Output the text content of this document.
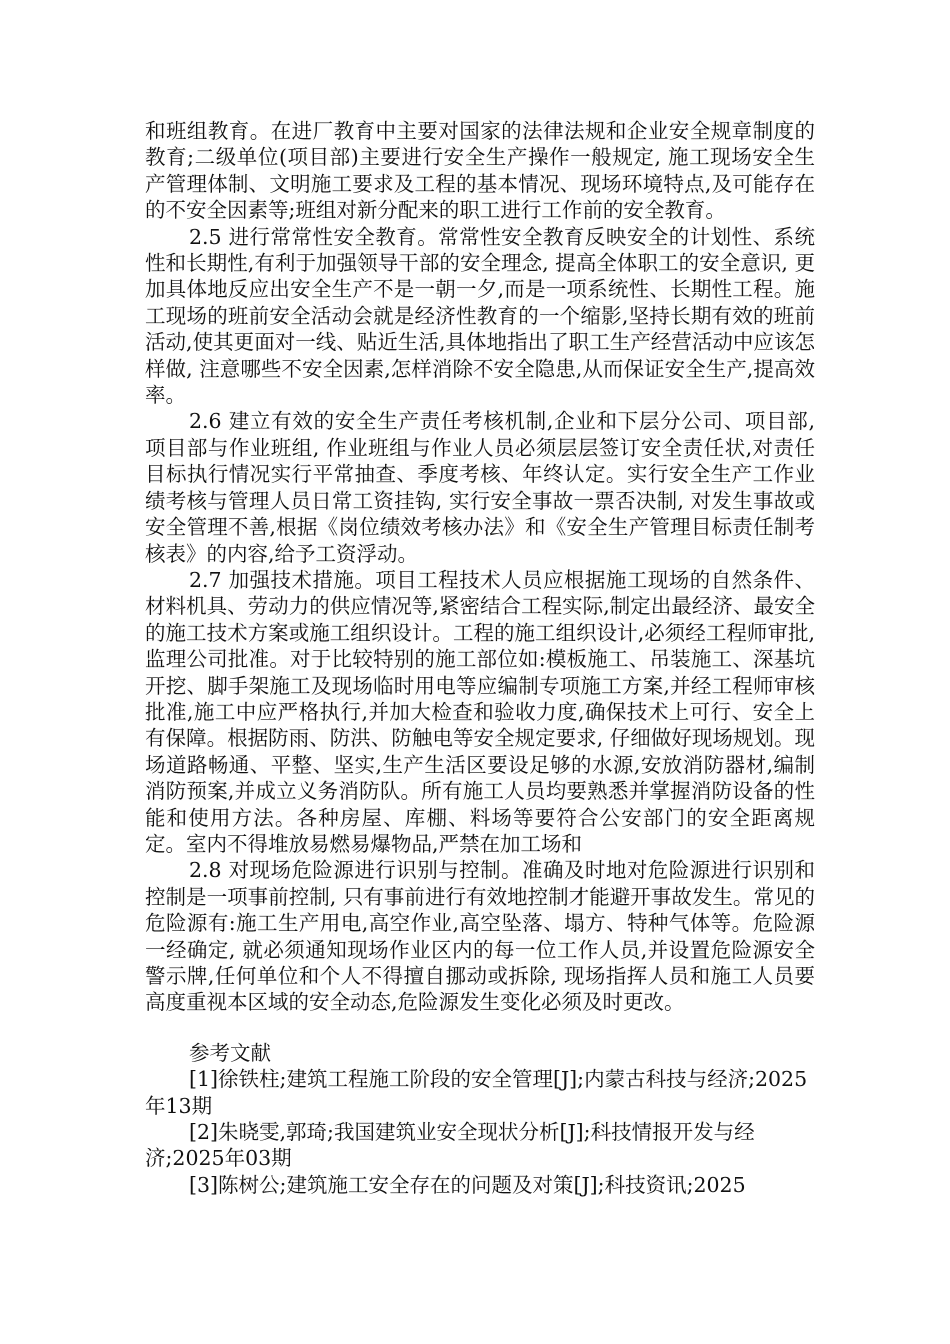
和班组教育。在进厂教育中主要对国家的法律法规和企业安全规章制度的教育;二级单位(项目部)主要进行安全生产操作一般规定, 施工现场安全生产管理体制、文明施工要求及工程的基本情况、现场环境特点,及可能存在的不安全因素等;班组对新分配来的职工进行工作前的安全教育。

2.5 进行常常性安全教育。常常性安全教育反映安全的计划性、系统性和长期性,有利于加强领导干部的安全理念, 提高全体职工的安全意识, 更加具体地反应出安全生产不是一朝一夕,而是一项系统性、长期性工程。施工现场的班前安全活动会就是经济性教育的一个缩影,坚持长期有效的班前活动,使其更面对一线、贴近生活,具体地指出了职工生产经营活动中应该怎样做, 注意哪些不安全因素,怎样消除不安全隐患,从而保证安全生产,提高效率。

2.6 建立有效的安全生产责任考核机制,企业和下层分公司、项目部,项目部与作业班组, 作业班组与作业人员必须层层签订安全责任状,对责任目标执行情况实行平常抽查、季度考核、年终认定。实行安全生产工作业绩考核与管理人员日常工资挂钩, 实行安全事故一票否决制, 对发生事故或安全管理不善,根据《岗位绩效考核办法》和《安全生产管理目标责任制考核表》的内容,给予工资浮动。

2.7 加强技术措施。项目工程技术人员应根据施工现场的自然条件、材料机具、劳动力的供应情况等,紧密结合工程实际,制定出最经济、最安全的施工技术方案或施工组织设计。工程的施工组织设计,必须经工程师审批,监理公司批准。对于比较特别的施工部位如:模板施工、吊装施工、深基坑开挖、脚手架施工及现场临时用电等应编制专项施工方案,并经工程师审核批准,施工中应严格执行,并加大检查和验收力度,确保技术上可行、安全上有保障。根据防雨、防洪、防触电等安全规定要求, 仔细做好现场规划。现场道路畅通、平整、坚实,生产生活区要设足够的水源,安放消防器材,编制消防预案,并成立义务消防队。所有施工人员均要熟悉并掌握消防设备的性能和使用方法。各种房屋、库棚、料场等要符合公安部门的安全距离规定。室内不得堆放易燃易爆物品,严禁在加工场和

2.8 对现场危险源进行识别与控制。准确及时地对危险源进行识别和控制是一项事前控制, 只有事前进行有效地控制才能避开事故发生。常见的危险源有:施工生产用电,高空作业,高空坠落、塌方、特种气体等。危险源一经确定, 就必须通知现场作业区内的每一位工作人员,并设置危险源安全警示牌,任何单位和个人不得擅自挪动或拆除, 现场指挥人员和施工人员要高度重视本区域的安全动态,危险源发生变化必须及时更改。

参考文献

[1]徐铁柱;建筑工程施工阶段的安全管理[J];内蒙古科技与经济;2025年13期

[2]朱晓雯,郭琦;我国建筑业安全现状分析[J];科技情报开发与经济;2025年03期

[3]陈树公;建筑施工安全存在的问题及对策[J];科技资讯;2025
